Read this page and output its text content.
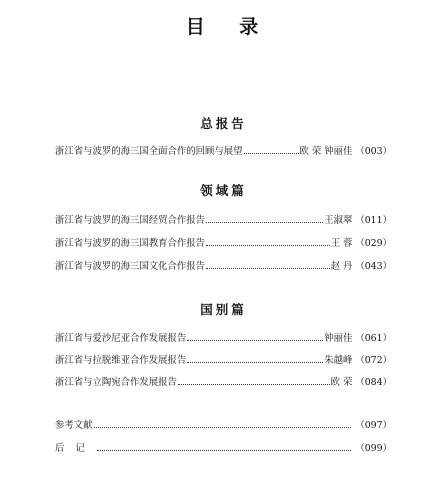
目 录
总报告
浙江省与波罗的海三国全面合作的回顾与展望	欧 荣 钟丽佳 （003）
领域篇
浙江省与波罗的海三国经贸合作报告	王淑翠 （011）
浙江省与波罗的海三国教育合作报告	王 蓉 （029）
浙江省与波罗的海三国文化合作报告	赵 丹 （043）
国别篇
浙江省与爱沙尼亚合作发展报告	钟丽佳 （061）
浙江省与拉脱维亚合作发展报告	朱越峰 （072）
浙江省与立陶宛合作发展报告	欧 荣 （084）
参考文献	（097）
后记	（099）
